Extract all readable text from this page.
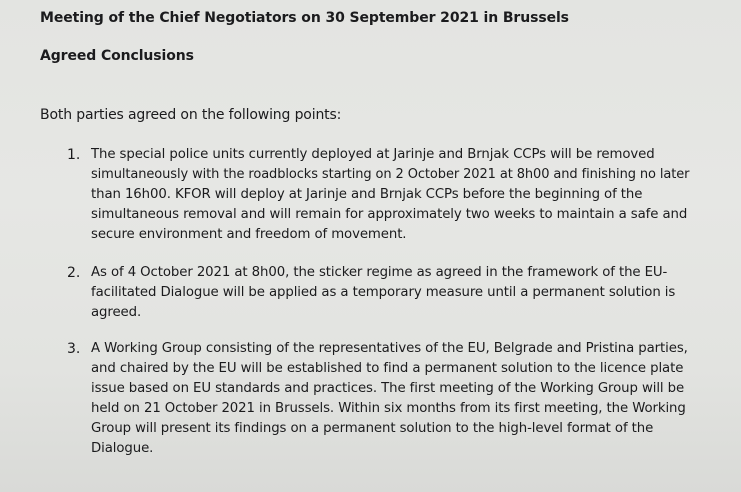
Meeting of the Chief Negotiators on 30 September 2021 in Brussels
Agreed Conclusions
Both parties agreed on the following points:
1. The special police units currently deployed at Jarinje and Brnjak CCPs will be removed
simultaneously with the roadblocks starting on 2 October 2021 at 8h00 and finishing no later
than 16h00. KFOR will deploy at Jarinje and Brnjak CCPs before the beginning of the
simultaneous removal and will remain for approximately two weeks to maintain a safe and
secure environment and freedom of movement.
2. As of 4 October 2021 at 8h00, the sticker regime as agreed in the framework of the EU-
facilitated Dialogue will be applied as a temporary measure until a permanent solution is
agreed.
3. A Working Group consisting of the representatives of the EU, Belgrade and Pristina parties,
and chaired by the EU will be established to find a permanent solution to the licence plate
issue based on EU standards and practices. The first meeting of the Working Group will be
held on 21 October 2021 in Brussels. Within six months from its first meeting, the Working
Group will present its findings on a permanent solution to the high-level format of the
Dialogue.
